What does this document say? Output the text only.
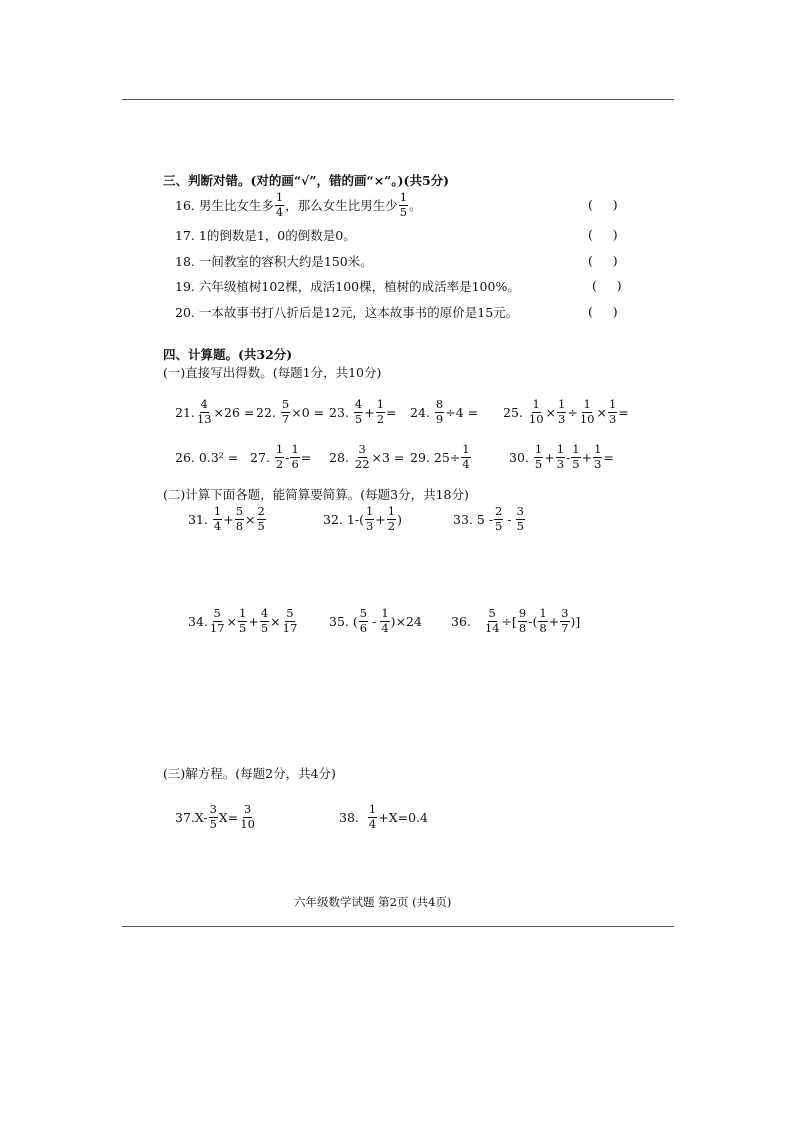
三、判断对错。(对的画“√”，错的画“×”。)(共5分)
16. 男生比女生多 $\frac{1}{4}$ ，那么女生比男生少 $\frac{1}{5}$ 。	(     )
17. 1的倒数是1，0的倒数是0。	(     )
18. 一间教室的容积大约是150米。	(     )
19. 六年级植树102棵，成活100棵，植树的成活率是100%。	(     )
20. 一本故事书打八折后是12元，这本故事书的原价是15元。	(     )
四、计算题。(共32分)
(一)直接写出得数。(每题1分，共10分)
21. $\frac{4}{13} \times 26 = 22$. $\frac{5}{7} \times 0 = 23$. $\frac{4}{5} + \frac{1}{2} = 24$. $\frac{8}{9} \div 4 = 25$. $\frac{1}{10} \times \frac{1}{3} \div \frac{1}{10} \times \frac{1}{3}$ =
26. 0.3² = 27. $\frac{1}{2} - \frac{1}{6} = 28$. $\frac{3}{22} \times 3 = 29$. $25\div \frac{1}{4}$	30. $\frac{1}{5} + \frac{1}{3} - \frac{1}{5} + \frac{1}{3}$ =
(二)计算下面各题，能简算要简算。(每题3分，共18分)
31. $\frac{1}{4} + \frac{5}{8} \times \frac{2}{5}$	32. 1- ( $\frac{1}{3} + \frac{1}{2}$ )	33. $5 - \frac{2}{5} - \frac{3}{5}$
34. $\frac{5}{17} \times \frac{1}{5} + \frac{4}{5} \times \frac{5}{17} 35$. ( $\frac{5}{6} - \frac{1}{4}$ ) ×24 36. $\frac{5}{14}$ ÷ [ $\frac{9}{8}$ - ( $\frac{1}{8} + \frac{3}{7}$ ) ]
(三)解方程。(每题2分，共4分)
37. $X- \frac{3}{5} X= \frac{3}{10}$	38. $\frac{1}{4} +X=0.4$
六年级数学试题 第2页 (共4页)
